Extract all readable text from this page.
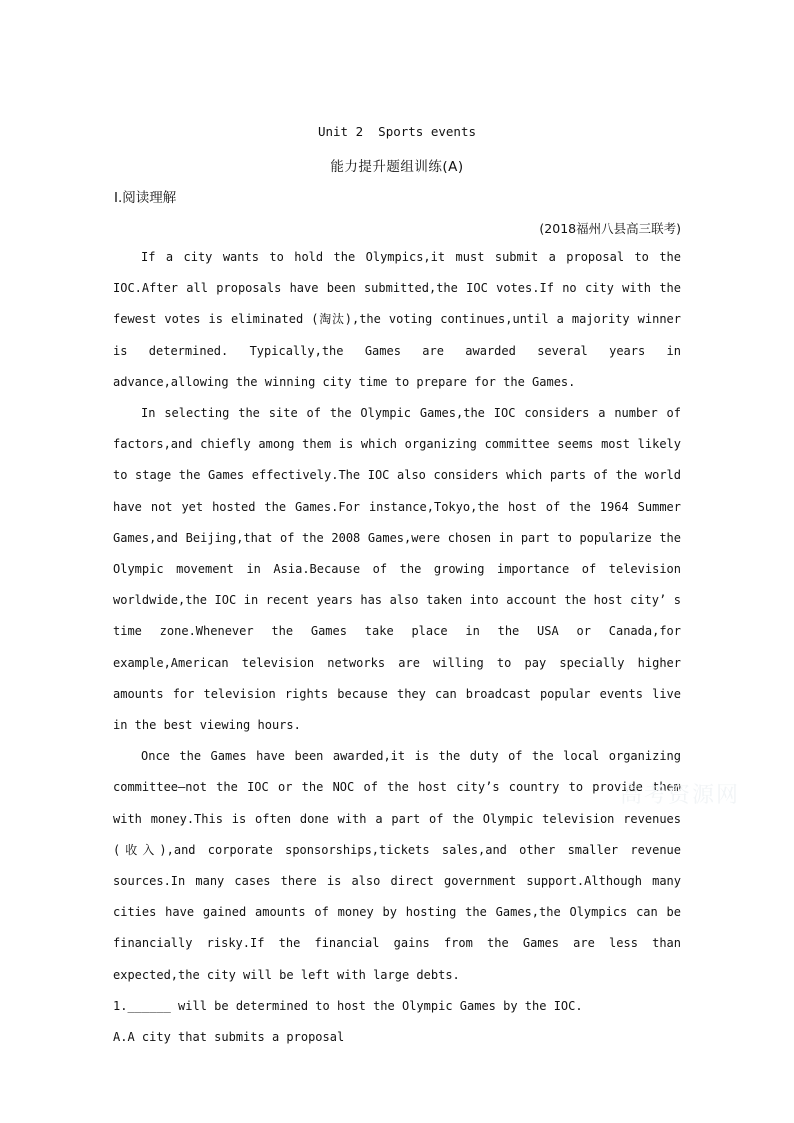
Unit 2  Sports events
能力提升题组训练(A)
Ⅰ.阅读理解
(2018福州八县高三联考)

If a city wants to hold the Olympics,it must submit a proposal to the IOC.After all proposals have been submitted,the IOC votes.If no city with the fewest votes is eliminated (淘汰),the voting continues,until a majority winner is determined. Typically,the Games are awarded several years in advance,allowing the winning city time to prepare for the Games.

In selecting the site of the Olympic Games,the IOC considers a number of factors,and chiefly among them is which organizing committee seems most likely to stage the Games effectively.The IOC also considers which parts of the world have not yet hosted the Games.For instance,Tokyo,the host of the 1964 Summer Games,and Beijing,that of the 2008 Games,were chosen in part to popularize the Olympic movement in Asia.Because of the growing importance of television worldwide,the IOC in recent years has also taken into account the host city’ s time zone.Whenever the Games take place in the USA or Canada,for example,American television networks are willing to pay specially higher amounts for television rights because they can broadcast popular events live in the best viewing hours.

Once the Games have been awarded,it is the duty of the local organizing committee—not the IOC or the NOC of the host city’s country to provide them with money.This is often done with a part of the Olympic television revenues (收入),and corporate sponsorships,tickets sales,and other smaller revenue sources.In many cases there is also direct government support.Although many cities have gained amounts of money by hosting the Games,the Olympics can be financially risky.If the financial gains from the Games are less than expected,the city will be left with large debts.

1.______ will be determined to host the Olympic Games by the IOC.

A.A city that submits a proposal

高考资源网
